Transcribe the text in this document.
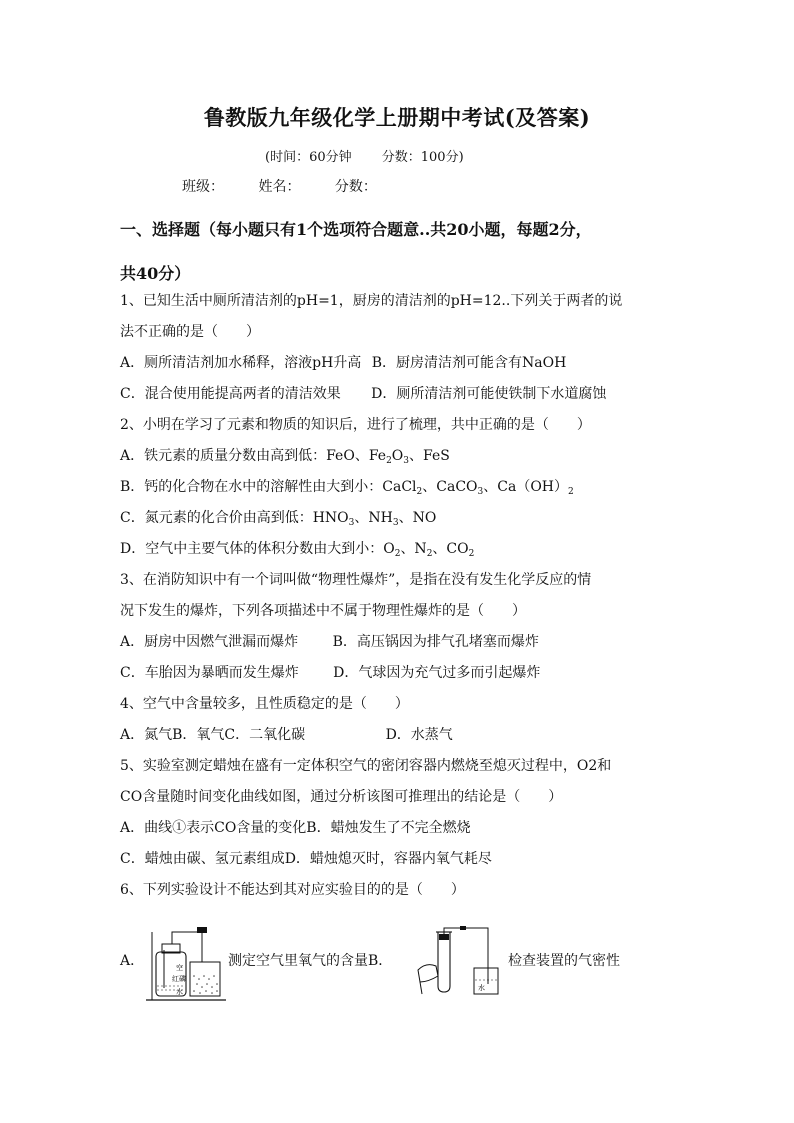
鲁教版九年级化学上册期中考试(及答案)
(时间：60分钟 分数：100分)
班级： 姓名： 分数：
一、选择题（每小题只有1个选项符合题意..共20小题，每题2分，
共40分）
1、已知生活中厕所清洁剂的pH=1，厨房的清洁剂的pH=12..下列关于两者的说
法不正确的是（　　）
A．厕所清洁剂加水稀释，溶液pH升高 B．厨房清洁剂可能含有NaOH
C．混合使用能提高两者的清洁效果 D．厕所清洁剂可能使铁制下水道腐蚀
2、小明在学习了元素和物质的知识后，进行了梳理，共中正确的是（　　）
A．铁元素的质量分数由高到低：FeO、$Fe_2O_3$、FeS
B．钙的化合物在水中的溶解性由大到小：CaCl$_2$、CaCO$_3$、$Ca(OH)_2$
C．氮元素的化合价由高到低：$HNO_3$、$NH_3$、NO
D．空气中主要气体的体积分数由大到小：$O_2$、$N_2$、$CO_2$
3、在消防知识中有一个词叫做“物理性爆炸”，是指在没有发生化学反应的情
况下发生的爆炸，下列各项描述中不属于物理性爆炸的是（　　）
A．厨房中因燃气泄漏而爆炸 B．高压锅因为排气孔堵塞而爆炸
C．车胎因为暴晒而发生爆炸 D．气球因为充气过多而引起爆炸
4、空气中含量较多，且性质稳定的是（　　）
A．氮气B．氧气C．二氧化碳	D．水蒸气
5、实验室测定蜡烛在盛有一定体积空气的密闭容器内燃烧至熄灭过程中，O2和
CO含量随时间变化曲线如图，通过分析该图可推理出的结论是（　　）
A．曲线①表示CO含量的变化B．蜡烛发生了不完全燃烧
C．蜡烛由碳、氢元素组成D．蜡烛熄灭时，容器内氧气耗尽
6、下列实验设计不能达到其对应实验目的的是（　　）
A．	空
红磷
水
测定空气里氧气的含量B．
水
检查装置的气密性
